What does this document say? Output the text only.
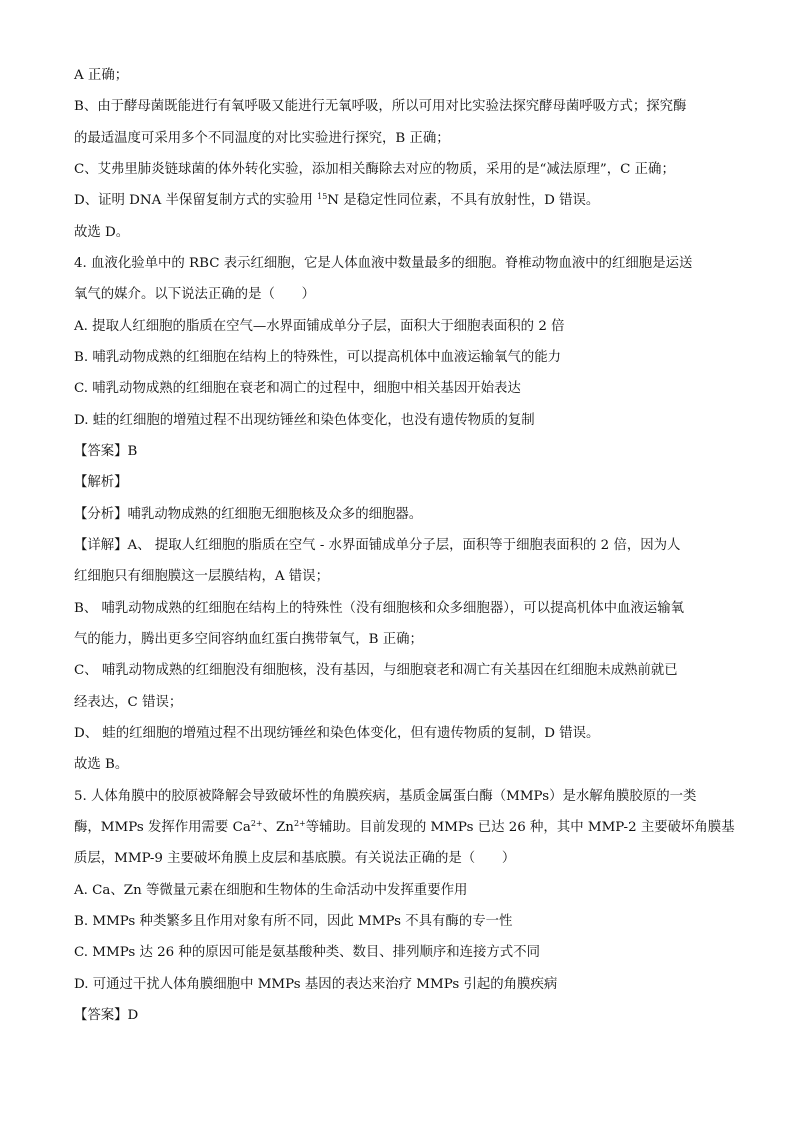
A 正确；
B、由于酵母菌既能进行有氧呼吸又能进行无氧呼吸，所以可用对比实验法探究酵母菌呼吸方式；探究酶
的最适温度可采用多个不同温度的对比实验进行探究，B 正确；
C、艾弗里肺炎链球菌的体外转化实验，添加相关酶除去对应的物质，采用的是“减法原理”，C 正确；
D、证明 DNA 半保留复制方式的实验用 $^{15}$N 是稳定性同位素，不具有放射性，D 错误。
故选 D。
4. 血液化验单中的 RBC 表示红细胞，它是人体血液中数量最多的细胞。脊椎动物血液中的红细胞是运送
氧气的媒介。以下说法正确的是（　　）
A. 提取人红细胞的脂质在空气—水界面铺成单分子层，面积大于细胞表面积的 2 倍
B. 哺乳动物成熟的红细胞在结构上的特殊性，可以提高机体中血液运输氧气的能力
C. 哺乳动物成熟的红细胞在衰老和凋亡的过程中，细胞中相关基因开始表达
D. 蛙的红细胞的增殖过程不出现纺锤丝和染色体变化，也没有遗传物质的复制
【答案】B
【解析】
【分析】哺乳动物成熟的红细胞无细胞核及众多的细胞器。
【详解】A、 提取人红细胞的脂质在空气 - 水界面铺成单分子层，面积等于细胞表面积的 2 倍，因为人
红细胞只有细胞膜这一层膜结构，A 错误；
B、 哺乳动物成熟的红细胞在结构上的特殊性（没有细胞核和众多细胞器），可以提高机体中血液运输氧
气的能力，腾出更多空间容纳血红蛋白携带氧气，B 正确；
C、 哺乳动物成熟的红细胞没有细胞核，没有基因，与细胞衰老和凋亡有关基因在红细胞未成熟前就已
经表达，C 错误；
D、 蛙的红细胞的增殖过程不出现纺锤丝和染色体变化，但有遗传物质的复制，D 错误。
故选 B。
5. 人体角膜中的胶原被降解会导致破坏性的角膜疾病，基质金属蛋白酶（MMPs）是水解角膜胶原的一类
酶，MMPs 发挥作用需要 $Ca^{2+}$、$Zn^{2+}$等辅助。目前发现的 MMPs 已达 26 种，其中 MMP-2 主要破坏角膜基
质层，MMP-9 主要破坏角膜上皮层和基底膜。有关说法正确的是（　　）
A. Ca、Zn 等微量元素在细胞和生物体的生命活动中发挥重要作用
B. MMPs 种类繁多且作用对象有所不同，因此 MMPs 不具有酶的专一性
C. MMPs 达 26 种的原因可能是氨基酸种类、数目、排列顺序和连接方式不同
D. 可通过干扰人体角膜细胞中 MMPs 基因的表达来治疗 MMPs 引起的角膜疾病
【答案】D
